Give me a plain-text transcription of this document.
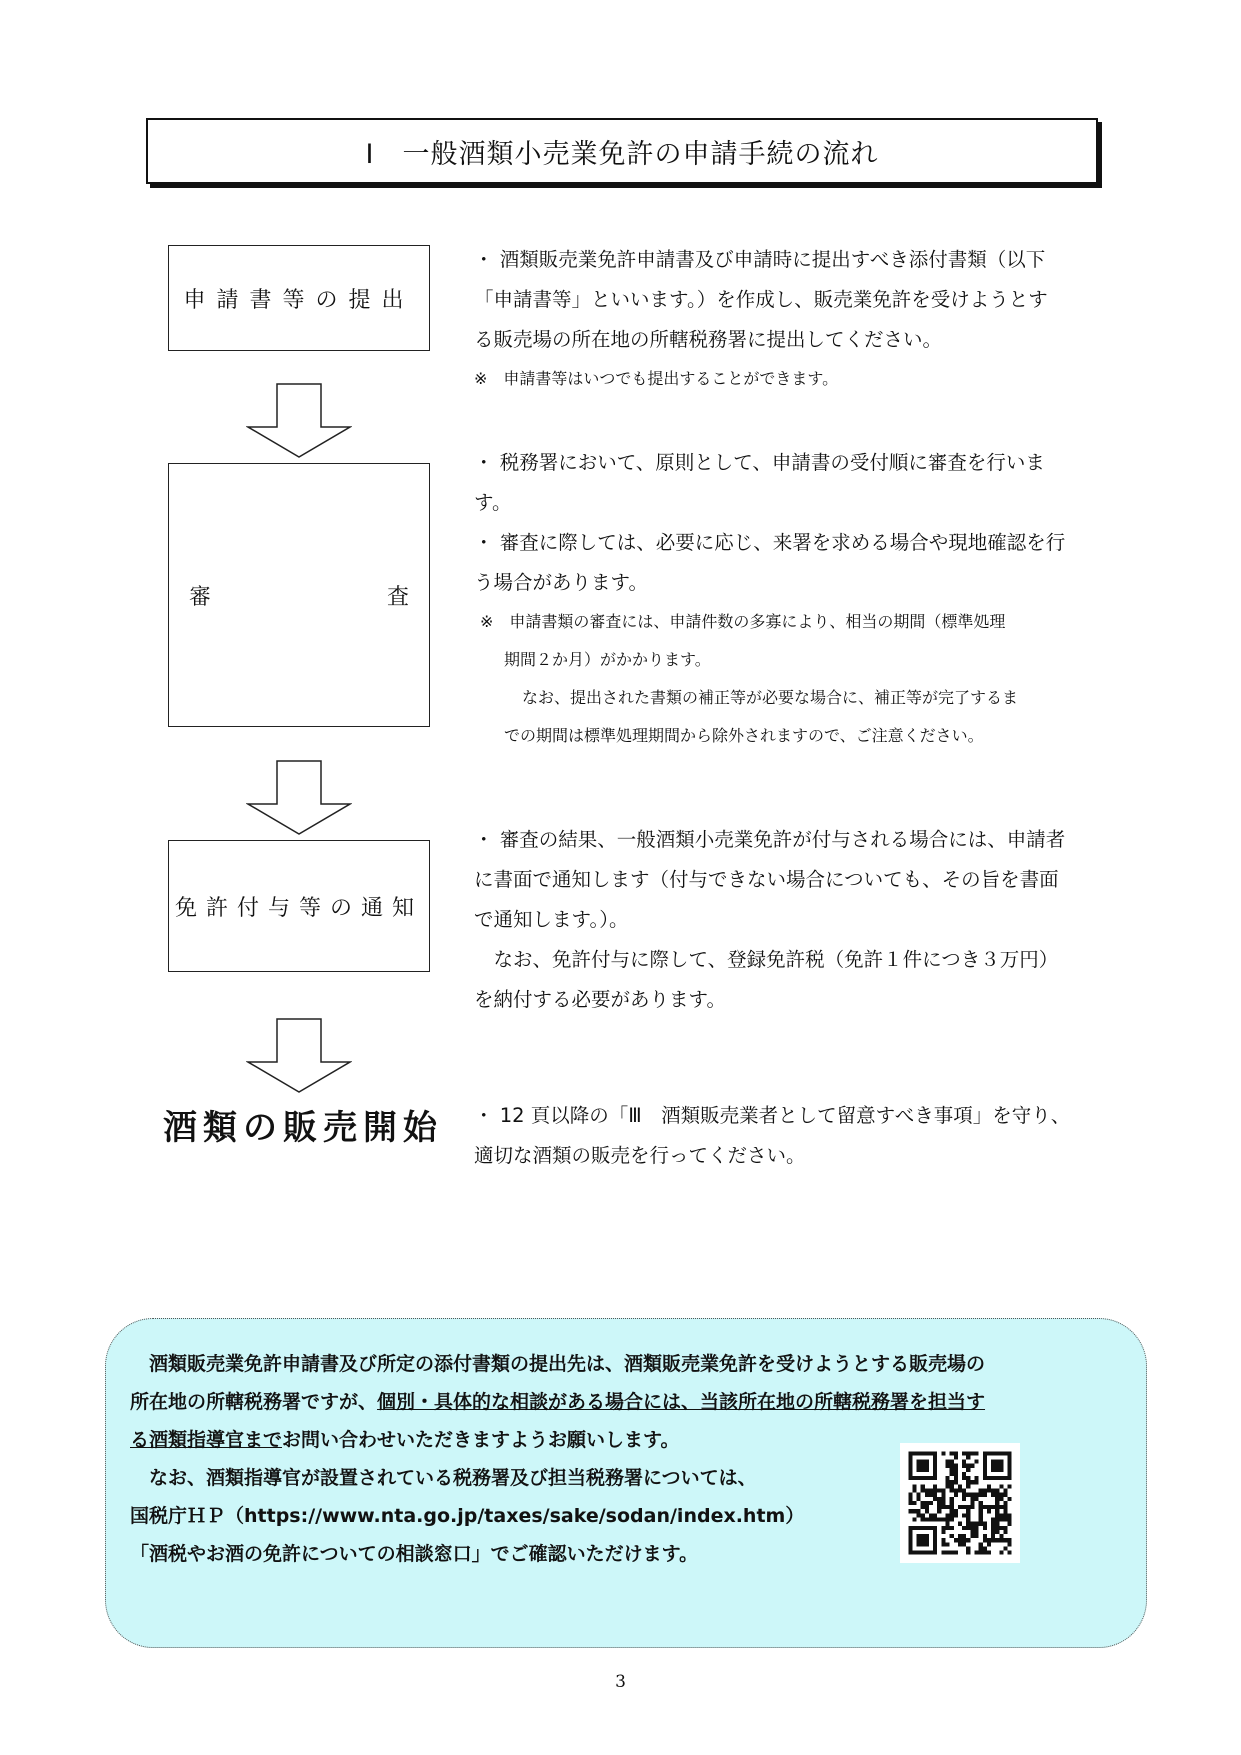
Ⅰ　一般酒類小売業免許の申請手続の流れ
申請書等の提出
審	査
免許付与等の通知
酒類の販売開始

・ 酒類販売業免許申請書及び申請時に提出すべき添付書類（以下

「申請書等」といいます。）を作成し、販売業免許を受けようとす

る販売場の所在地の所轄税務署に提出してください。

※　申請書等はいつでも提出することができます。

・ 税務署において、原則として、申請書の受付順に審査を行いま

す。

・ 審査に際しては、必要に応じ、来署を求める場合や現地確認を行

う場合があります。

※　申請書類の審査には、申請件数の多寡により、相当の期間（標準処理

期間２か月）がかかります。

なお、提出された書類の補正等が必要な場合に、補正等が完了するま

での期間は標準処理期間から除外されますので、ご注意ください。

・ 審査の結果、一般酒類小売業免許が付与される場合には、申請者

に書面で通知します（付与できない場合についても、その旨を書面

で通知します。）。

　なお、免許付与に際して、登録免許税（免許１件につき３万円）

を納付する必要があります。

・ 12 頁以降の「Ⅲ　酒類販売業者として留意すべき事項」を守り、

適切な酒類の販売を行ってください。

　酒類販売業免許申請書及び所定の添付書類の提出先は、酒類販売業免許を受けようとする販売場の

所在地の所轄税務署ですが、個別・具体的な相談がある場合には、当該所在地の所轄税務署を担当す

る酒類指導官までお問い合わせいただきますようお願いします。

　なお、酒類指導官が設置されている税務署及び担当税務署については、

国税庁ＨＰ（https://www.nta.go.jp/taxes/sake/sodan/index.htm）

「酒税やお酒の免許についての相談窓口」でご確認いただけます。

3
